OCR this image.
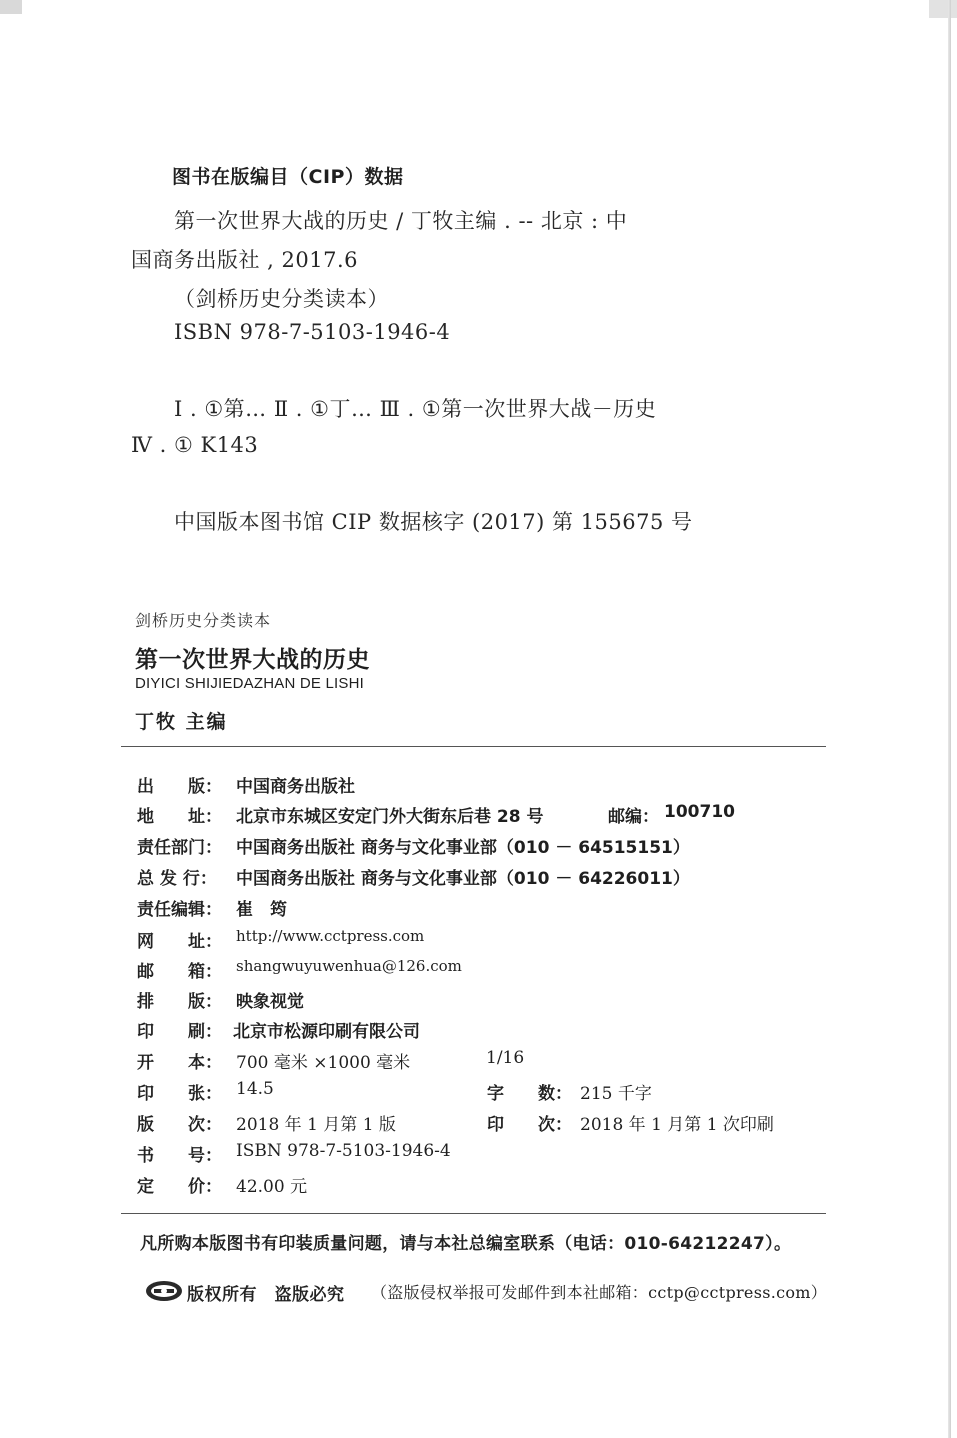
图书在版编目（CIP）数据
第一次世界大战的历史 / 丁牧主编 . -- 北京 : 中
国商务出版社 , 2017.6
（剑桥历史分类读本）
ISBN 978-7-5103-1946-4
Ⅰ . ①第… Ⅱ . ①丁… Ⅲ . ①第一次世界大战－历史
Ⅳ . ① K143
中国版本图书馆 CIP 数据核字 (2017) 第 155675 号
剑桥历史分类读本
第一次世界大战的历史
DIYICI SHIJIEDAZHAN DE LISHI
丁牧 主编
出　　版： 中国商务出版社
地　　址： 北京市东城区安定门外大街东后巷 28 号	邮编： 100710
责任部门： 中国商务出版社 商务与文化事业部（010 － 64515151）
总 发 行： 中国商务出版社 商务与文化事业部（010 － 64226011）
责任编辑： 崔　筠
网　　址： http://www.cctpress.com
邮　　箱： shangwuyuwenhua@126.com
排　　版： 映象视觉
印　　刷： 北京市松源印刷有限公司
开　　本： 700 毫米 ×1000 毫米	1/16
印　　张： 14.5	字　　数： 215 千字
版　　次： 2018 年 1 月第 1 版	印　　次： 2018 年 1 月第 1 次印刷
书　　号： ISBN 978-7-5103-1946-4
定　　价： 42.00 元
凡所购本版图书有印装质量问题，请与本社总编室联系（电话：010-64212247）。
版权所有　盗版必究 （盗版侵权举报可发邮件到本社邮箱：cctp@cctpress.com）
